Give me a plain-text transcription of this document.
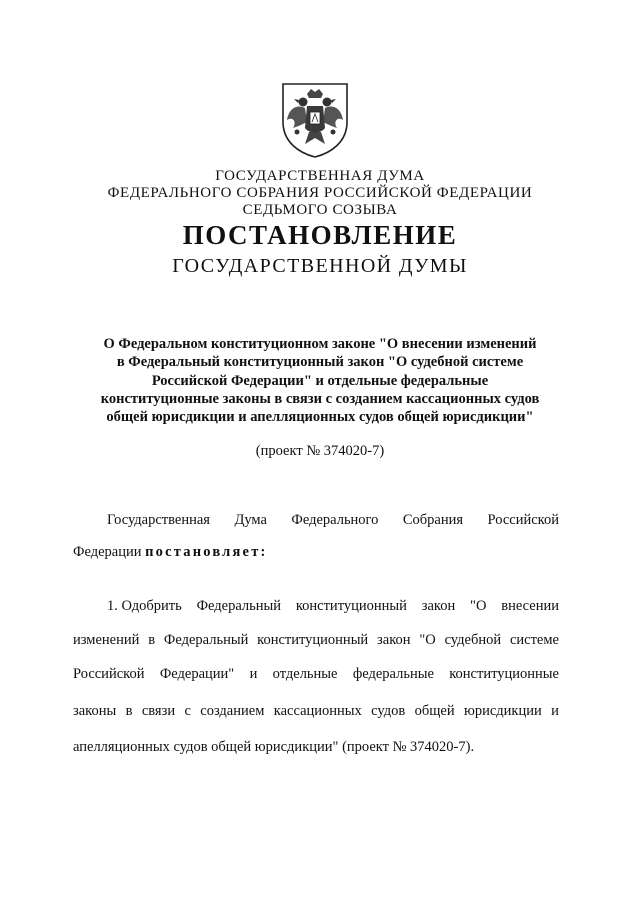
ГОСУДАРСТВЕННАЯ ДУМА
ФЕДЕРАЛЬНОГО СОБРАНИЯ РОССИЙСКОЙ ФЕДЕРАЦИИ
СЕДЬМОГО СОЗЫВА
ПОСТАНОВЛЕНИЕ
ГОСУДАРСТВЕННОЙ ДУМЫ
О Федеральном конституционном законе "О внесении изменений в Федеральный конституционный закон "О судебной системе Российской Федерации" и отдельные федеральные конституционные законы в связи с созданием кассационных судов общей юрисдикции и апелляционных судов общей юрисдикции"
(проект № 374020-7)
Государственная Дума Федерального Собрания Российской
Федерации постановляет:
1. Одобрить Федеральный конституционный закон "О внесении
изменений в Федеральный конституционный закон "О судебной системе
Российской Федерации" и отдельные федеральные конституционные
законы в связи с созданием кассационных судов общей юрисдикции и
апелляционных судов общей юрисдикции" (проект № 374020-7).
